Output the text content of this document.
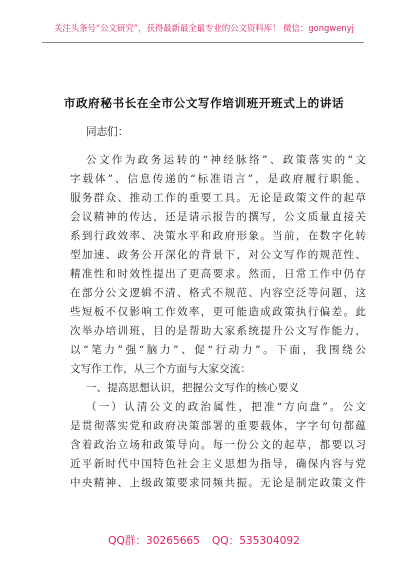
关注头条号“公文研究”，获得最新最全最专业的公文资料库！ 微信：gongwenyj
市政府秘书长在全市公文写作培训班开班式上的讲话
同志们：
公文作为政务运转的“神经脉络”、政策落实的“文
字载体”、信息传递的“标准语言”，是政府履行职能、
服务群众、推动工作的重要工具。无论是政策文件的起草
会议精神的传达，还是请示报告的撰写，公文质量直接关
系到行政效率、决策水平和政府形象。当前，在数字化转
型加速、政务公开深化的背景下，对公文写作的规范性、
精准性和时效性提出了更高要求。然而，日常工作中仍存
在部分公文逻辑不清、格式不规范、内容空泛等问题，这
些短板不仅影响工作效率，更可能造成政策执行偏差。此
次举办培训班，目的是帮助大家系统提升公文写作能力，
以“笔力”强“脑力”、促“行动力”。下面，我围绕公
文写作工作，从三个方面与大家交流：
一、提高思想认识，把握公文写作的核心要义
（一）认清公文的政治属性，把准“方向盘”。公文
是贯彻落实党和政府决策部署的重要载体，字字句句都蕴
含着政治立场和政策导向。每一份公文的起草，都要以习
近平新时代中国特色社会主义思想为指导，确保内容与党
中央精神、上级政策要求同频共振。无论是制定政策文件
QQ群：30265665 QQ：535304092
